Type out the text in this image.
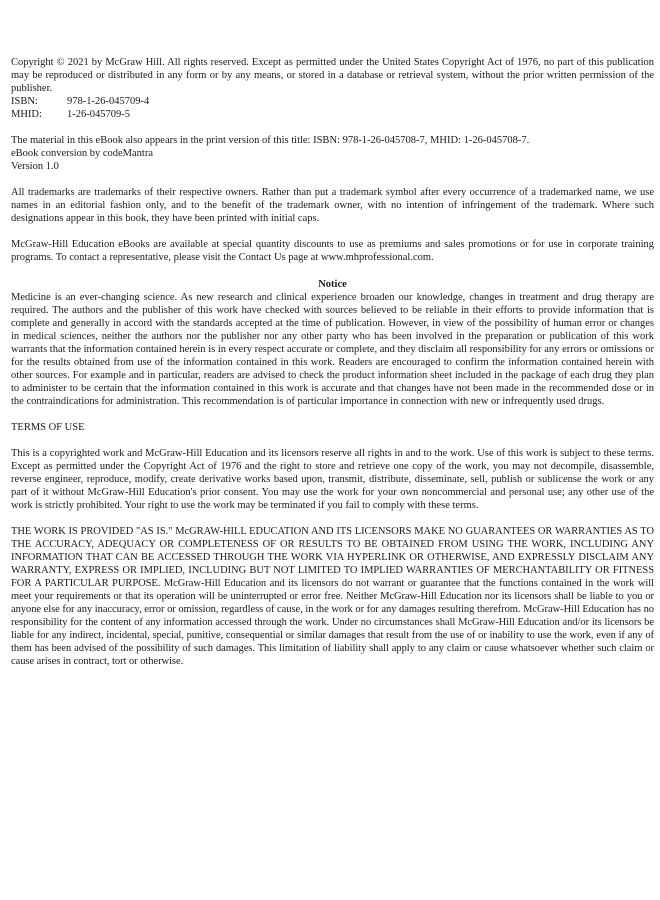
Copyright © 2021 by McGraw Hill. All rights reserved. Except as permitted under the United States Copyright Act of 1976, no part of this publication may be reproduced or distributed in any form or by any means, or stored in a database or retrieval system, without the prior written permission of the publisher.

ISBN:	978-1-26-045709-4
MHID:	1-26-045709-5

The material in this eBook also appears in the print version of this title: ISBN: 978-1-26-045708-7, MHID: 1-26-045708-7.

eBook conversion by codeMantra
Version 1.0

All trademarks are trademarks of their respective owners. Rather than put a trademark symbol after every occurrence of a trademarked name, we use names in an editorial fashion only, and to the benefit of the trademark owner, with no intention of infringement of the trademark. Where such designations appear in this book, they have been printed with initial caps.

McGraw-Hill Education eBooks are available at special quantity discounts to use as premiums and sales promotions or for use in corporate training programs. To contact a representative, please visit the Contact Us page at www.mhprofessional.com.

Notice

Medicine is an ever-changing science. As new research and clinical experience broaden our knowledge, changes in treatment and drug therapy are required. The authors and the publisher of this work have checked with sources believed to be reliable in their efforts to provide information that is complete and generally in accord with the standards accepted at the time of publication. However, in view of the possibility of human error or changes in medical sciences, neither the authors nor the publisher nor any other party who has been involved in the preparation or publication of this work warrants that the information contained herein is in every respect accurate or complete, and they disclaim all responsibility for any errors or omissions or for the results obtained from use of the information contained in this work. Readers are encouraged to confirm the information contained herein with other sources. For example and in particular, readers are advised to check the product information sheet included in the package of each drug they plan to administer to be certain that the information contained in this work is accurate and that changes have not been made in the recommended dose or in the contraindications for administration. This recommendation is of particular importance in connection with new or infrequently used drugs.

TERMS OF USE

This is a copyrighted work and McGraw-Hill Education and its licensors reserve all rights in and to the work. Use of this work is subject to these terms. Except as permitted under the Copyright Act of 1976 and the right to store and retrieve one copy of the work, you may not decompile, disassemble, reverse engineer, reproduce, modify, create derivative works based upon, transmit, distribute, disseminate, sell, publish or sublicense the work or any part of it without McGraw-Hill Education's prior consent. You may use the work for your own noncommercial and personal use; any other use of the work is strictly prohibited. Your right to use the work may be terminated if you fail to comply with these terms.

THE WORK IS PROVIDED "AS IS." McGRAW-HILL EDUCATION AND ITS LICENSORS MAKE NO GUARANTEES OR WARRANTIES AS TO THE ACCURACY, ADEQUACY OR COMPLETENESS OF OR RESULTS TO BE OBTAINED FROM USING THE WORK, INCLUDING ANY INFORMATION THAT CAN BE ACCESSED THROUGH THE WORK VIA HYPERLINK OR OTHERWISE, AND EXPRESSLY DISCLAIM ANY WARRANTY, EXPRESS OR IMPLIED, INCLUDING BUT NOT LIMITED TO IMPLIED WARRANTIES OF MERCHANTABILITY OR FITNESS FOR A PARTICULAR PURPOSE. McGraw-Hill Education and its licensors do not warrant or guarantee that the functions contained in the work will meet your requirements or that its operation will be uninterrupted or error free. Neither McGraw-Hill Education nor its licensors shall be liable to you or anyone else for any inaccuracy, error or omission, regardless of cause, in the work or for any damages resulting therefrom. McGraw-Hill Education has no responsibility for the content of any information accessed through the work. Under no circumstances shall McGraw-Hill Education and/or its licensors be liable for any indirect, incidental, special, punitive, consequential or similar damages that result from the use of or inability to use the work, even if any of them has been advised of the possibility of such damages. This limitation of liability shall apply to any claim or cause whatsoever whether such claim or cause arises in contract, tort or otherwise.
